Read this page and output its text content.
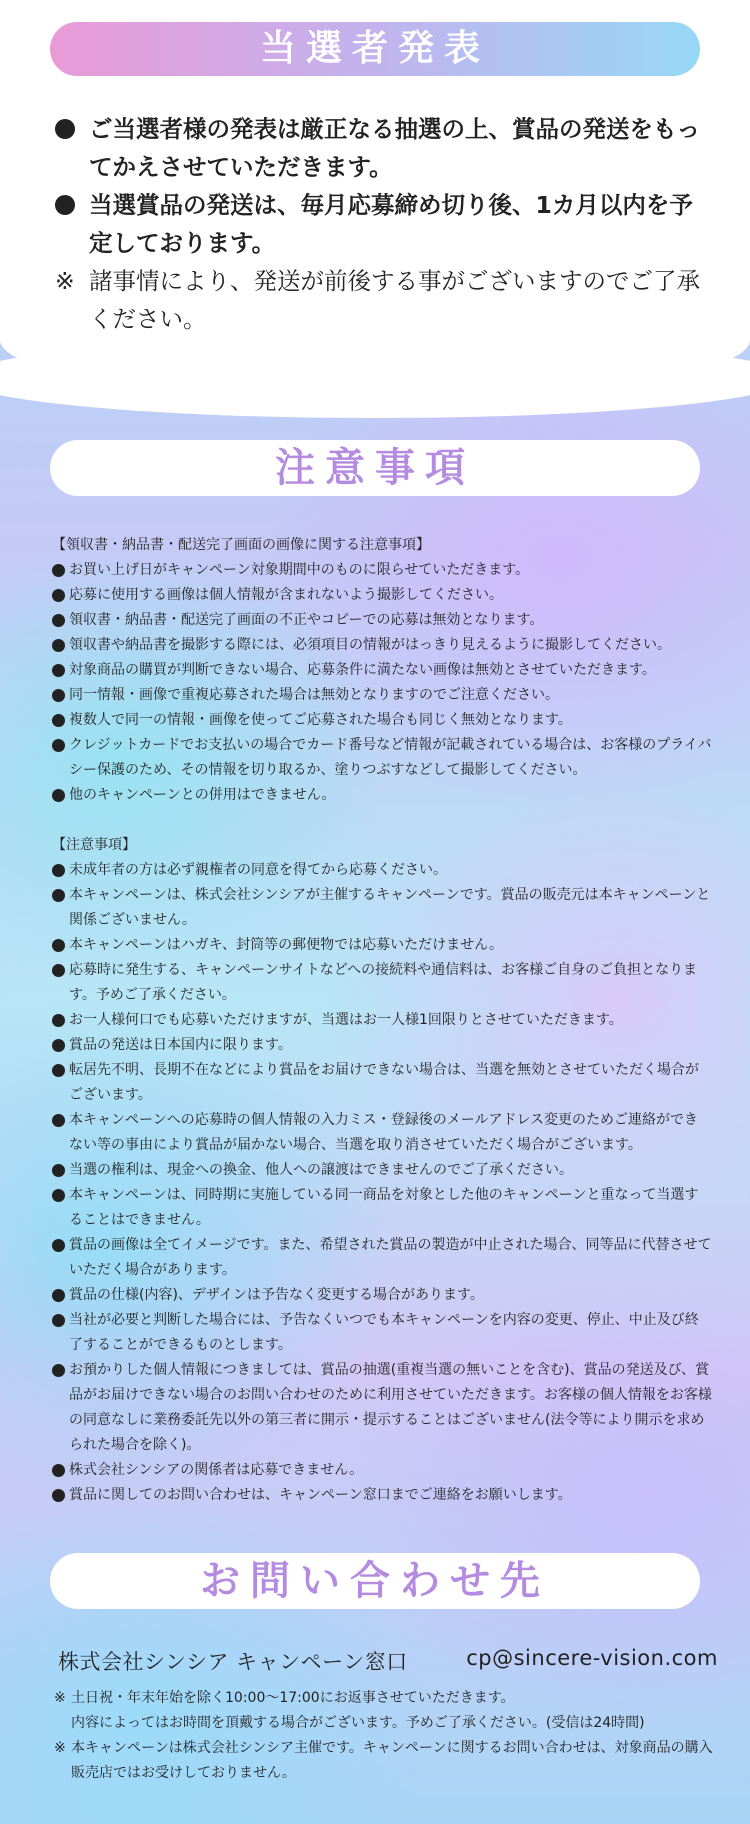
当選者発表
ご当選者様の発表は厳正なる抽選の上、賞品の発送をもってかえさせていただきます。
当選賞品の発送は、毎月応募締め切り後、1カ月以内を予定しております。
※ 諸事情により、発送が前後する事がございますのでご了承ください。
注意事項
【領収書・納品書・配送完了画面の画像に関する注意事項】
お買い上げ日がキャンペーン対象期間中のものに限らせていただきます。
応募に使用する画像は個人情報が含まれないよう撮影してください。
領収書・納品書・配送完了画面の不正やコピーでの応募は無効となります。
領収書や納品書を撮影する際には、必須項目の情報がはっきり見えるように撮影してください。
対象商品の購買が判断できない場合、応募条件に満たない画像は無効とさせていただきます。
同一情報・画像で重複応募された場合は無効となりますのでご注意ください。
複数人で同一の情報・画像を使ってご応募された場合も同じく無効となります。
クレジットカードでお支払いの場合でカード番号など情報が記載されている場合は、お客様のプライバシー保護のため、その情報を切り取るか、塗りつぶすなどして撮影してください。
他のキャンペーンとの併用はできません。
【注意事項】
未成年者の方は必ず親権者の同意を得てから応募ください。
本キャンペーンは、株式会社シンシアが主催するキャンペーンです。賞品の販売元は本キャンペーンと関係ございません。
本キャンペーンはハガキ、封筒等の郵便物では応募いただけません。
応募時に発生する、キャンペーンサイトなどへの接続料や通信料は、お客様ご自身のご負担となります。予めご了承ください。
お一人様何口でも応募いただけますが、当選はお一人様1回限りとさせていただきます。
賞品の発送は日本国内に限ります。
転居先不明、長期不在などにより賞品をお届けできない場合は、当選を無効とさせていただく場合がございます。
本キャンペーンへの応募時の個人情報の入力ミス・登録後のメールアドレス変更のためご連絡ができない等の事由により賞品が届かない場合、当選を取り消させていただく場合がございます。
当選の権利は、現金への換金、他人への譲渡はできませんのでご了承ください。
本キャンペーンは、同時期に実施している同一商品を対象とした他のキャンペーンと重なって当選することはできません。
賞品の画像は全てイメージです。また、希望された賞品の製造が中止された場合、同等品に代替させていただく場合があります。
賞品の仕様(内容)、デザインは予告なく変更する場合があります。
当社が必要と判断した場合には、予告なくいつでも本キャンペーンを内容の変更、停止、中止及び終了することができるものとします。
お預かりした個人情報につきましては、賞品の抽選(重複当選の無いことを含む)、賞品の発送及び、賞品がお届けできない場合のお問い合わせのために利用させていただきます。お客様の個人情報をお客様の同意なしに業務委託先以外の第三者に開示・提示することはございません(法令等により開示を求められた場合を除く)。
株式会社シンシアの関係者は応募できません。
賞品に関してのお問い合わせは、キャンペーン窓口までご連絡をお願いします。
お問い合わせ先
株式会社シンシア キャンペーン窓口	cp@sincere-vision.com
※ 土日祝・年末年始を除く10:00〜17:00にお返事させていただきます。
内容によってはお時間を頂戴する場合がございます。予めご了承ください。(受信は24時間)
※ 本キャンペーンは株式会社シンシア主催です。キャンペーンに関するお問い合わせは、対象商品の購入販売店ではお受けしておりません。
